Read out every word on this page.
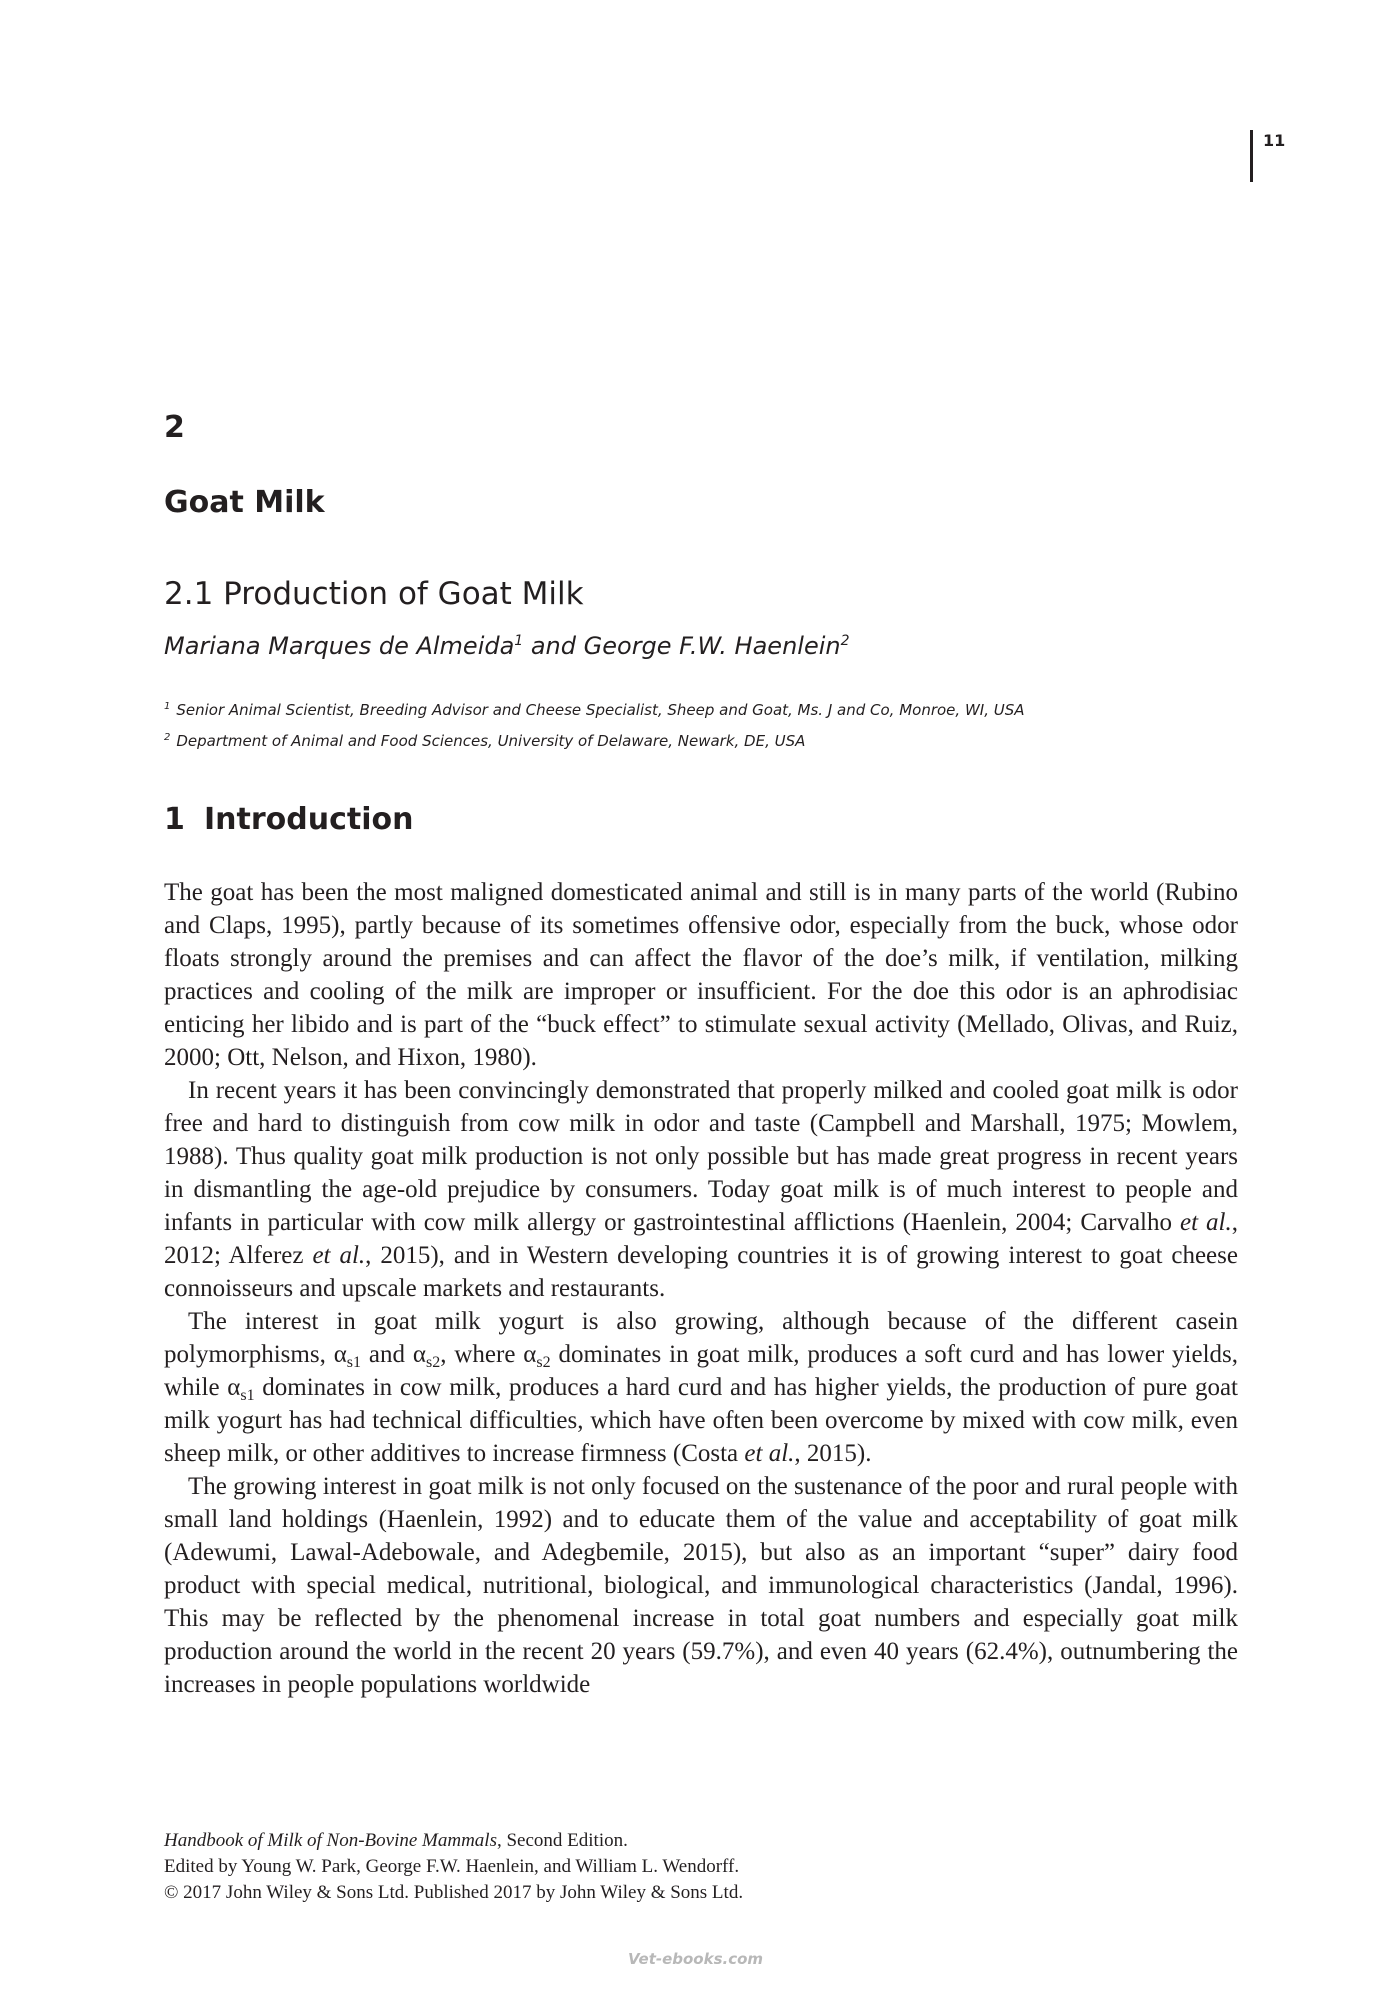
11
2
Goat Milk
2.1 Production of Goat Milk
Mariana Marques de Almeida$^1$ and George F.W. Haenlein$^2$
$^1$ Senior Animal Scientist, Breeding Advisor and Cheese Specialist, Sheep and Goat, Ms. J and Co, Monroe, WI, USA
$^2$ Department of Animal and Food Sciences, University of Delaware, Newark, DE, USA
1 Introduction

The goat has been the most maligned domesticated animal and still is in many parts of the world (Rubino and Claps, 1995), partly because of its sometimes offensive odor, especially from the buck, whose odor floats strongly around the premises and can affect the flavor of the doe’s milk, if ventilation, milking practices and cooling of the milk are improper or insufficient. For the doe this odor is an aphrodisiac enticing her libido and is part of the “buck effect” to stimulate sexual activity (Mellado, Olivas, and Ruiz, 2000; Ott, Nelson, and Hixon, 1980).

In recent years it has been convincingly demonstrated that properly milked and cooled goat milk is odor free and hard to distinguish from cow milk in odor and taste (Campbell and Marshall, 1975; Mowlem, 1988). Thus quality goat milk production is not only possible but has made great progress in recent years in dismantling the age-old prejudice by consumers. Today goat milk is of much interest to people and infants in particular with cow milk allergy or gastrointestinal afflictions (Haenlein, 2004; Carvalho et al., 2012; Alferez et al., 2015), and in Western developing countries it is of growing interest to goat cheese connoisseurs and upscale markets and restaurants.

The interest in goat milk yogurt is also growing, although because of the different casein polymorphisms, $\alpha_{s1}$ and $\alpha_{s2}$, where $\alpha_{s2}$ dominates in goat milk, produces a soft curd and has lower yields, while $\alpha_{s1}$ dominates in cow milk, produces a hard curd and has higher yields, the production of pure goat milk yogurt has had technical difficulties, which have often been overcome by mixed with cow milk, even sheep milk, or other additives to increase firmness (Costa et al., 2015).

The growing interest in goat milk is not only focused on the sustenance of the poor and rural people with small land holdings (Haenlein, 1992) and to educate them of the value and acceptability of goat milk (Adewumi, Lawal-Adebowale, and Adegbemile, 2015), but also as an important “super” dairy food product with special medical, nutritional, biological, and immunological characteristics (Jandal, 1996). This may be reflected by the phenomenal increase in total goat numbers and especially goat milk production around the world in the recent 20 years (59.7%), and even 40 years (62.4%), outnumbering the increases in people populations worldwide

Handbook of Milk of Non-Bovine Mammals, Second Edition.
Edited by Young W. Park, George F.W. Haenlein, and William L. Wendorff.
© 2017 John Wiley & Sons Ltd. Published 2017 by John Wiley & Sons Ltd.
Vet-ebooks.com
